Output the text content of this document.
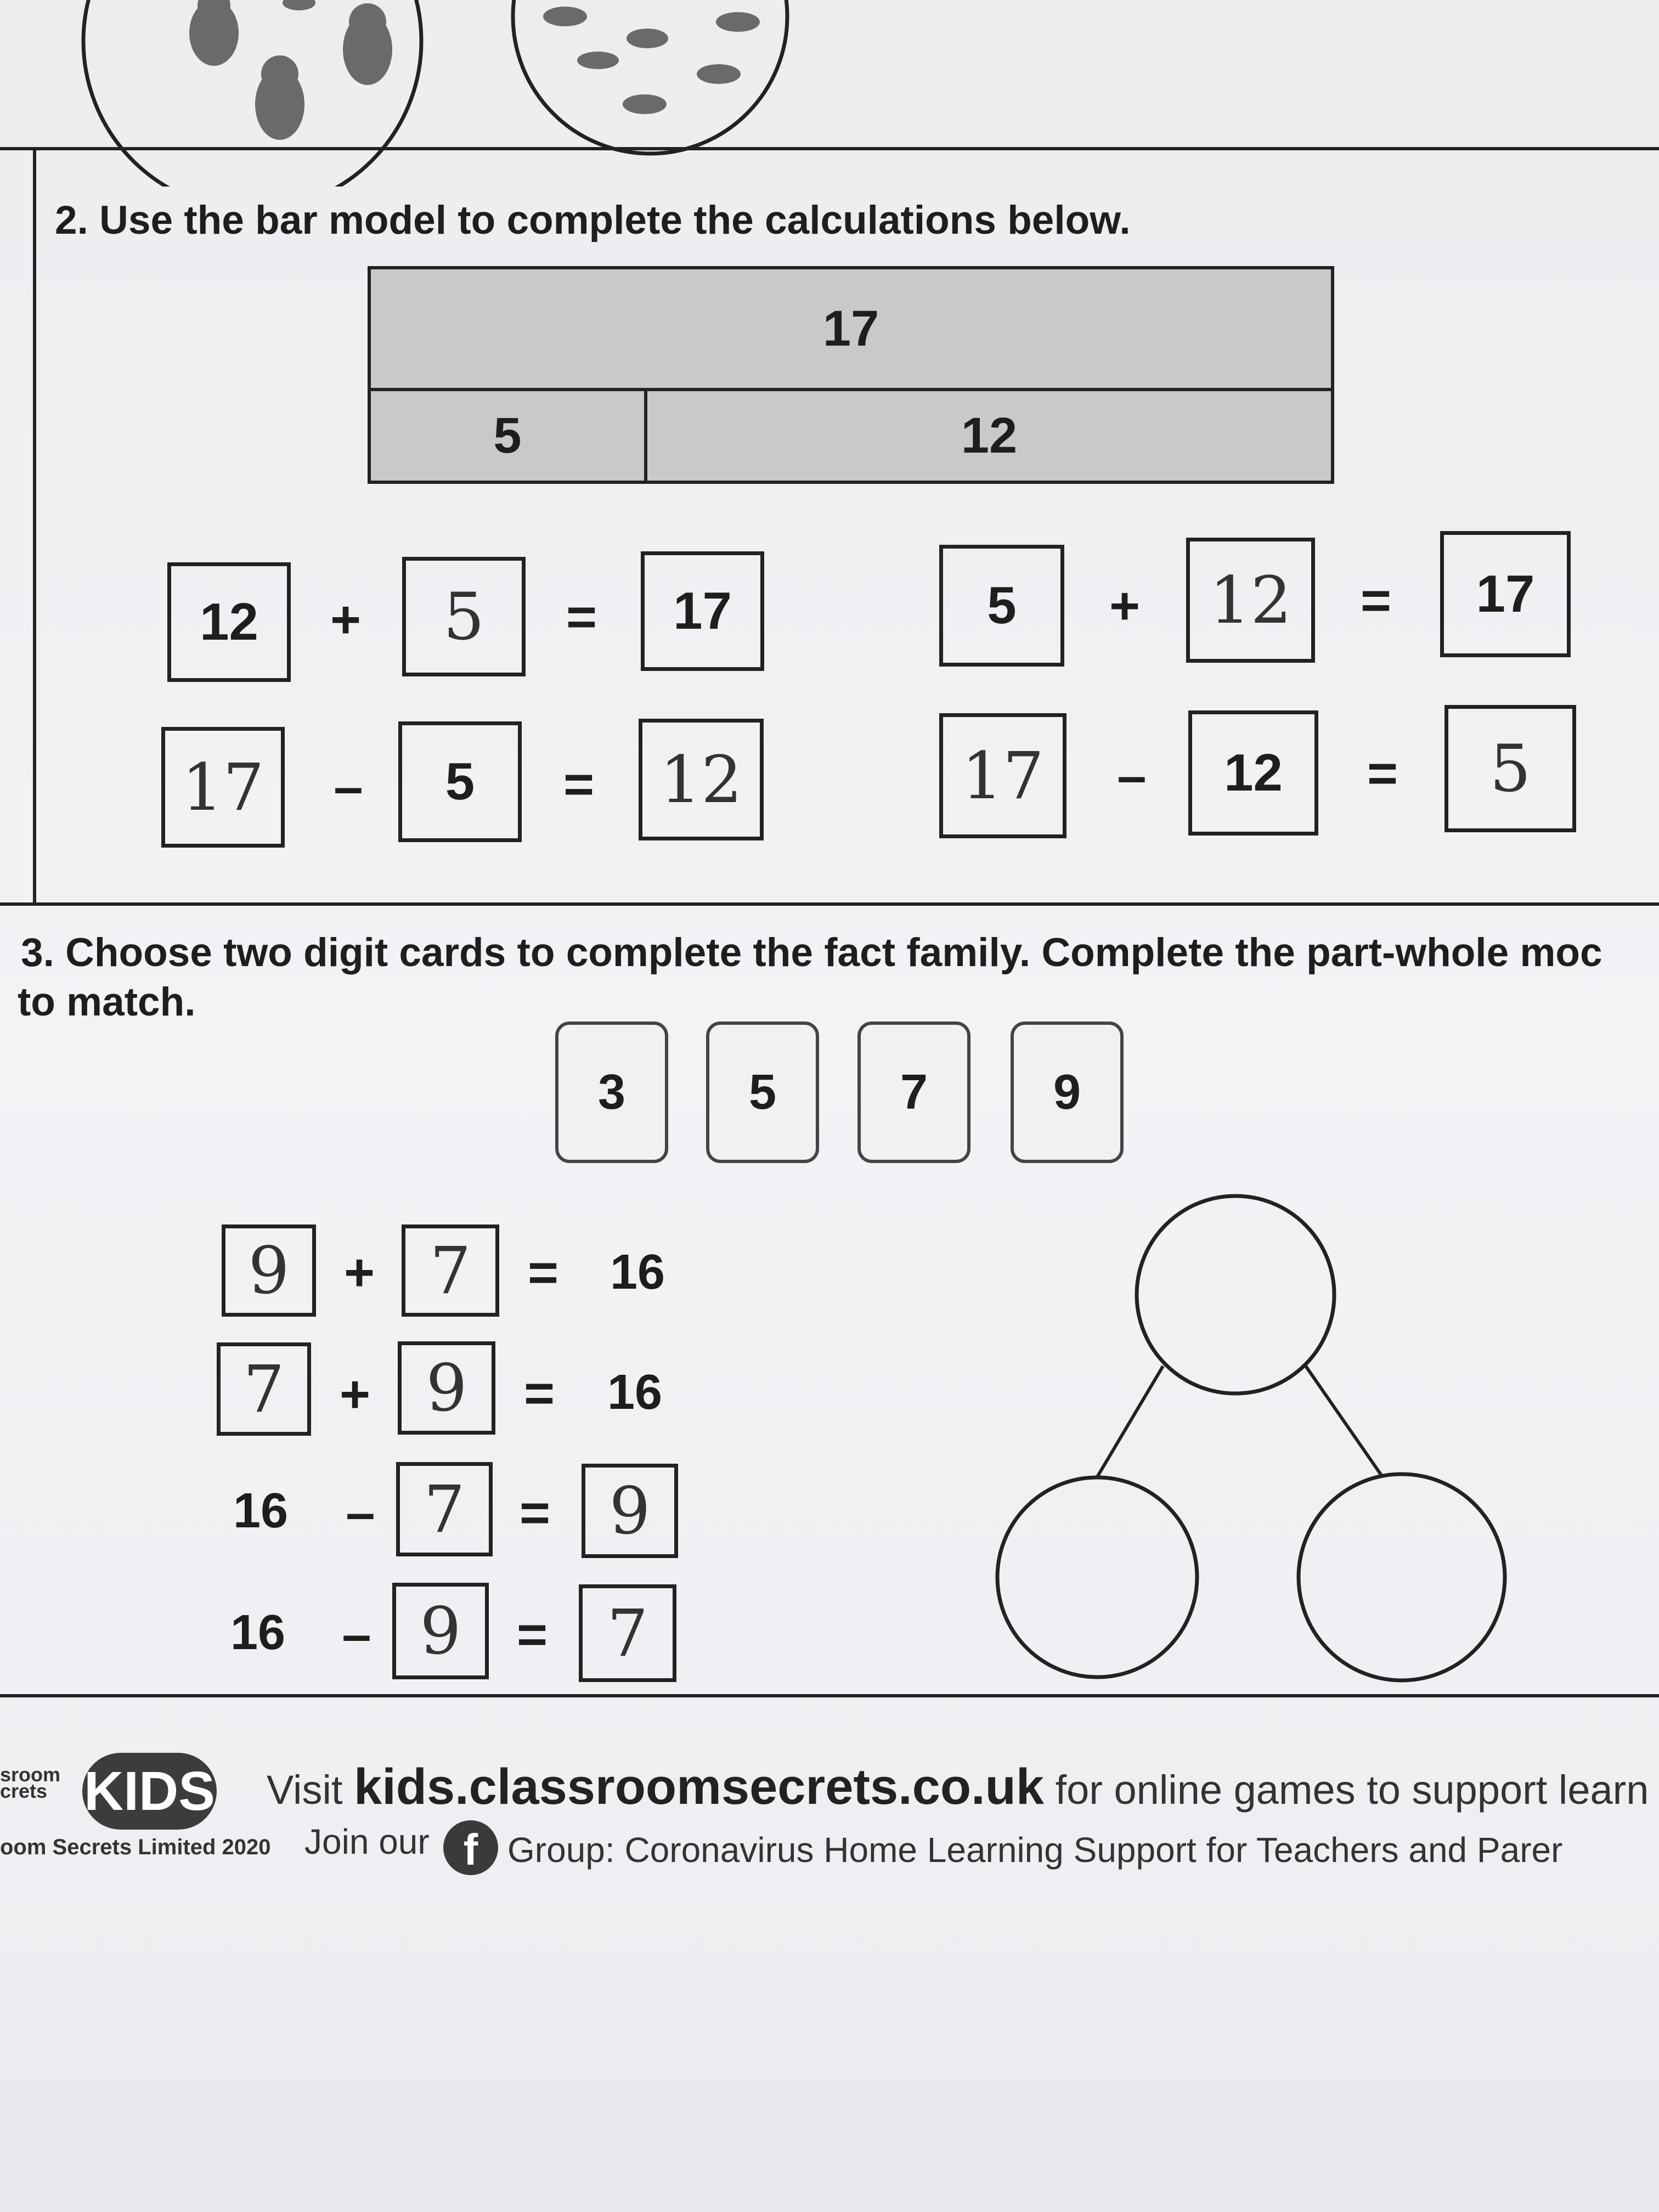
2. Use the bar model to complete the calculations below.
17
5	12
12	+	5	=	17	5	+	12	=	17
17	–	5	=	12	17	–	12	=	5
3. Choose two digit cards to complete the fact family. Complete the part-whole moc
to match.
3	5	7	9
9	+ 7	= 16
7	+ 9	= 16
16 – 7	= 9
16 – 9	= 7
sroom
crets KIDS
oom Secrets Limited 2020
Visit kids.classroomsecrets.co.uk for online games to support learn
Join our f Group: Coronavirus Home Learning Support for Teachers and Parer
